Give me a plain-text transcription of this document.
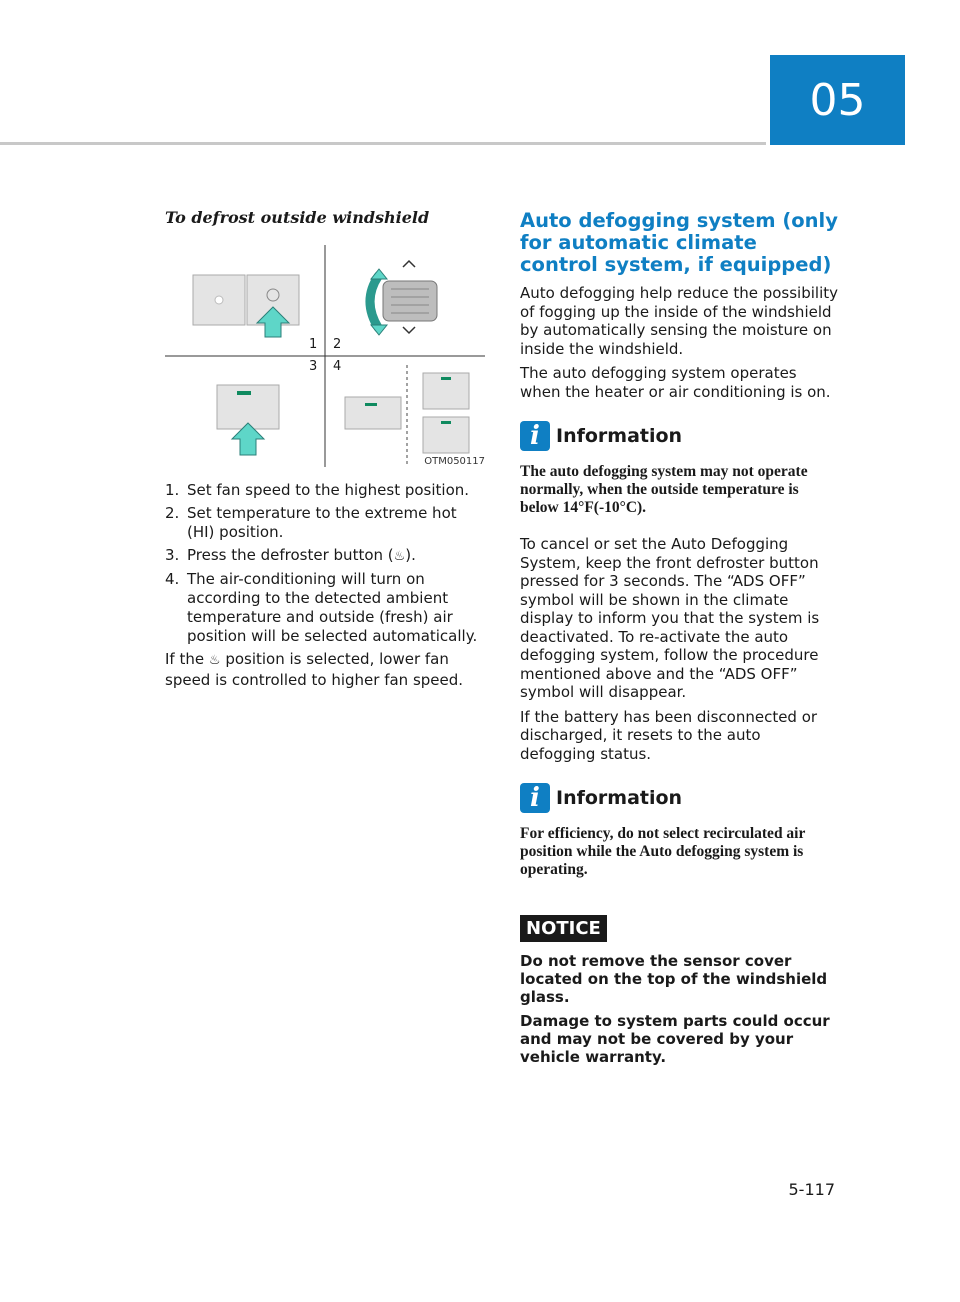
05
To defrost outside windshield
1 2
3 4
OTM050117
1. Set fan speed to the highest position.
2. Set temperature to the extreme hot (HI) position.
3. Press the defroster button (♨).
4. The air-conditioning will turn on according to the detected ambient temperature and outside (fresh) air position will be selected automatically.

If the ♨ position is selected, lower fan speed is controlled to higher fan speed.

Auto defogging system (only for automatic climate control system, if equipped)

Auto defogging help reduce the possibility of fogging up the inside of the windshield by automatically sensing the moisture on inside the windshield.

The auto defogging system operates when the heater or air conditioning is on.

i Information
The auto defogging system may not operate normally, when the outside temperature is below 14°F(-10°C).

To cancel or set the Auto Defogging System, keep the front defroster button pressed for 3 seconds. The “ADS OFF” symbol will be shown in the climate display to inform you that the system is deactivated. To re-activate the auto defogging system, follow the procedure mentioned above and the “ADS OFF” symbol will disappear.

If the battery has been disconnected or discharged, it resets to the auto defogging status.

i Information
For efficiency, do not select recirculated air position while the Auto defogging system is operating.
NOTICE
Do not remove the sensor cover located on the top of the windshield glass.
Damage to system parts could occur and may not be covered by your vehicle warranty.
5-117
